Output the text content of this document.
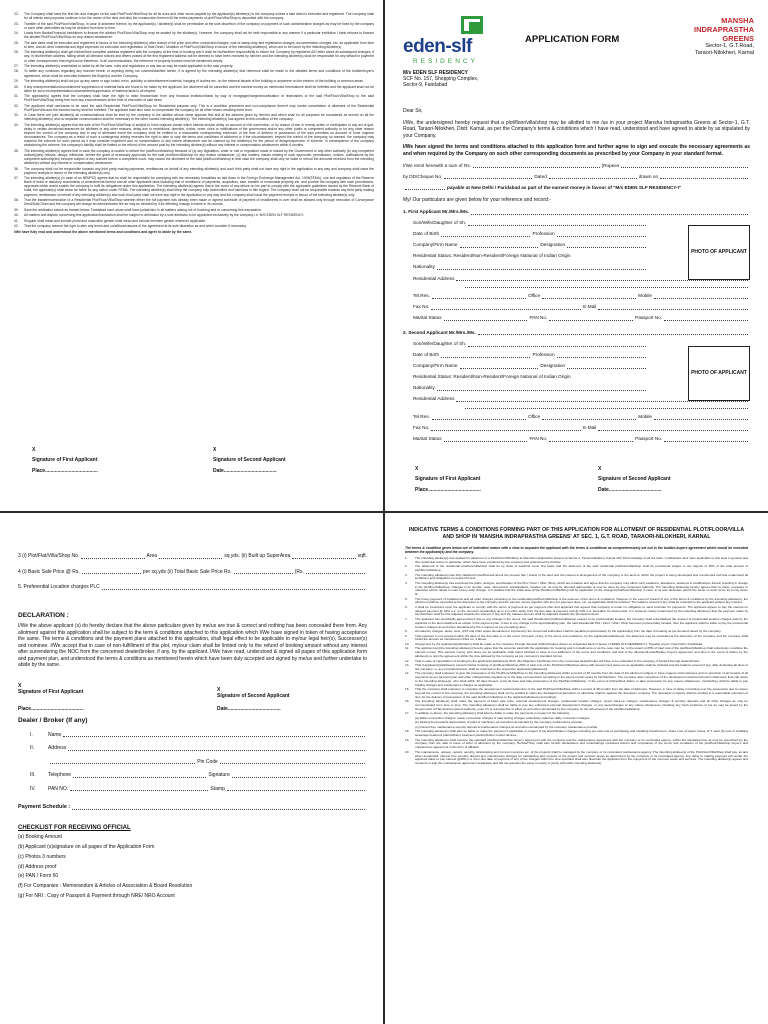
22.	The Company shall have the first lien and charges on the said Plot/Floor/Villa/Shop for all its dues and other sums payable by the applicant(s) allottee(s) to the company unless a sale deed is executed and registered. The company shall for all intents and purposes continue to be the owner of the land and also the construction thereon till the entire payments of plot/Floor/Villa/Shop is deposited with the company.
23.	Transfer of the said Plot/Floor/Villa/Shop, in case of allotment thereof, by the applicant(s) / allottee(s) shall be permissible at the sole discretion of the company on payment of such administrative charges as may be fixed by the company or such other authorities as may be decided from time to time.
24.	Loans from Banks/Financial Institutions to finance the allotted Plot/Floor/Villa/Shop may be availed by the allottee(s). However, the company shall not be held responsible in any manner if a particular institution / bank refuses to finance the allotted Plot/Floor/Villa/Shop for any reason whatsoever.
25.	The sale deed shall be executed and registered in favour of the intending allottee(s) after receipt of full price and other connected charges, cost of stamp duty and registration charges, documentation charges, etc. as applicable from time to time, and all other incidental and legal expenses for execution and registration of Sale Deed / Mutation of Plot/Floor/Villa/Shop in favour of the intending allottee(s), which are to be borne by the intending allottee(s).
26.	The intending allottee(s) shall get his/her/their complete address registered with the company at the time of booking and it shall be his/her/their responsibility to inform the Company by registered A/D letter about all subsequent changes, if any, in his/her/their address, failing which all demand notices and letters posted at the first registered address will be deemed to have been received by him/her and the intending allottee(s) shall be responsible for any default in payment or other consequences that might occur therefrom. In all communications, the reference of property booked must be mentioned clearly.
27.	The intending allottee(s) undertakes to abide by all the laws, rules and regulations or any law as may be made applicable to the said property.
28.	To settle any confusion regarding any manner herein or anything being not covered/clarified herein, it is agreed by the intending allottee(s) that reference shall be made to the detailed terms and conditions of the builder/buyer's agreement, which shall be executed between the Buyer(s) and the Company.
29.	The intending allottee(s) shall not put up any name or sign board, neon, publicity or advertisement material, hanging of clothes etc. on the external facade of the building or anywhere on the exterior of the building or common areas.
30.	If any misrepresentation/concealment/ suppression of material facts are found to be made by the applicant, the allotment will be cancelled and the earnest money as mentioned hereinabove shall be forfeited and the applicant shall not be liable for such misrepresentation/concealment/suppression of material facts in all respect.
31.	The applicant(s) agrees that the company shall have the right to raise finance/loan from any financial institution/bank by way of mortgage/charge/securitisation of receivables of the said Plot/Floor/Villa/Shop to the said Plot/Floor/Villa/Shop being free from any encumbrances at the time of execution of sale deed.
32.	The applicant shall use/cause to be used the said Residential Plot/Floor/Villa/Shop for Residential purpose only. This is a condition precedent and non-compliance thereof may invoke cancellation of allotment of the Residential Plot/Floor/Villa and the earnest money shall be forfeited. The applicant shall also have to compensate the company for all other losses resulting there from.
33.	In Case there are joint allottee(s) all communications shall be sent by the company to the allottee whose name appears first and at the address given by him/her and which shall for all purposes be considered as served on all the intending allottee(s) and no separate communication shall be necessary to the other named intending allottee(s). The intending allottee(s) has agreed to this condition of the company.
34.	The intending allottee(s) agrees that the sale of the Plot/Floor/Villa/Shop is subject to force majeure clause which intends include delay on account of civil commotion, or by reason of war or enemy action or earthquake or any act of god, delay in certain decisions/clearances for allottees or any other reasons, delay due to restrictions, direction, notice, order, rules or notifications of the government and/or any other public or competent authority or for any other reason beyond the control of the company and in any of aforesaid event the company shall be entitled to a reasonable corresponding extension of the time of delivery of possession of the said premises on account of force majeure circumstances. The company as a result of such a contingency arising reserves the right to alter or vary the terms and conditions of allotment or if the circumstances, beyond the control of the company, so warrant, the company may suspend the scheme for such period as it may consider expedient and no compensation of any nature whatsoever can be claimed by the allottee(s) for the period of delay/suspension of scheme. In consequence of the company abandoning the scheme, the company's liability shall be limited to the refund of the amount paid by the intending allottee(s) without any interest or compensation whatsoever within 6 months.
35.	The intending allottee(s) agrees that in case the company is unable to deliver the plot/floor/villa/shop because of (a) any legislation, order or rule or regulation made or issued by the Government or any other authority (b) any competent authority(ies) refuses, delays, withholds, denies the grant of necessary approvals for the said plot/floor/villa/shop for any reason whatsoever, (c) any matters, issues relating to such approvals, permissions, notices, notifications by the competent authority(ies) become subject of any suit/writ before a competent court, may cancel the allotment of the said plot/floor/villa/shop in that case the company shall only be liable to refund the amounts received from the intending allottee(s) without any interest or compensation whatsoever.
36.	The company shall not be responsible towards any third party making payments, remittances on behalf of any intending allottee(s) and such third party shall not have any right in the application in any way and company shall issue the payment receipts in favour of the intending allottee(s) only.
37.	The intending allottee(s) (in case of an NRI/PIO) agrees that he shall be responsible for complying with the necessary formalities as laid down in the Foreign Exchange Management Act, 1999(FEMA), rule and regulation of the Reserve Bank of India or statutory enactments or amendments thereof and all other applicable laws including that of remittance of payments, acquisition, sale, transfer of immovable property etc. and provide the company with such permissions, approvals which would enable the company to fulfil its obligations under this application. The intending allottee(s) agrees that in the event of any failure on his part to comply with the applicable guidelines issued by the Reserve Bank of India, the applicant(s) shall alone be liable for any action under FEMA. The intending allottee(s) shall keep the company fully indemnified and harmless in this regard. The company shall not be responsible towards any third party making payment, remittances on behalf of any intending allottee(s) and such third party shall not have any right in the application in any way and the company shall issue the payment receipts in favour of the intending allottee(s) only.
38.	That the transfer/nomination of a Residential Plot/Floor/Villa/Shop wherein either the full payment has already been made or agreed schedule of payment of installments is over shall be allowed only through execution of Conveyance Deed/Sale Deed and the company will charge an administrative fee as may be decided by it for effecting change in name in its records.
39.	Save the arbitration clause as framed below: Faridabad court alone shall have jurisdiction in all matters arising out of touching and or concerning this transaction.
40.	All matters and dispute concerning this application/transaction shall be subject to arbitration by a sole arbitrator to be appointed exclusively by the company i.e. M/S EDEN SLF RESIDENCY.
41.	Singular shall mean and include plural and masculine gender shall mean and include feminine gender wherever applicable.
42.	That the company reserve the right to alter any terms and conditions/clauses of the agreement at its sole discretion as and when consider it necessary.
I/We have fully read and understood the above mentioned terms and conditions and agree to abide by the same.
X
Signature of First Applicant
Place......................................
X
Signature of Second Applicant
Date......................................
eden-slf
RESIDENCY
APPLICATION FORM
MANSHA INDRAPRASTHA GREENS
Sector-1, G.T.Road,
Taraori-Nilokheri, Karnal
M/s EDEN SLF RESIDENCY
SCF No. 157, Shopping Complex,
Sector-9, Faridabad

Dear Sir,

I/We, the undersigned hereby request that a plot/floor/villa/shop may be allotted to me /us in your project Mansha Indraprastha Greens at Sector-1, G.T. Road, Taraori-Nilokheri, Distt. Karnal, as per the Company's terms & conditions which I have read, understood and have agreed to abide by as stipulated by your Company.

I/We have signed the terms and conditions attached to this application form and further agree to sign and execute the necessary agreements as and when required by the Company on such other corresponding documents as prescribed by your Company in your standard format.

I/We remit herewith a sum of Rs.	(Rupees
by DD/Cheque No.	Dated	drawn on
payable at New Delhi / Faridabad as part of the earnest money in favour of "M/s EDEN SLF RESIDENCY-I"

My/ Our particulars are given below for your reference and record:-

1. First Applicant Mr./Mrs./Ms.
PHOTO OF APPLICANT
Son/Wife/Daughter of Sh.
Date of Birth	Profession
Company/Firm Name	Designation
Residential Status: Resident/Non-Resident/Foreign National of Indian Origin
Nationality
Residential Address
Tel.Res.	Office	Mobile
Fax No.	E-Mail
Marital Status	PAN No.	Passport No.
2. Second Applicant Mr./Mrs./Ms.
PHOTO OF APPLICANT
Son/Wife/Daughter of Sh.
Date of Birth	Profession
Company/Firm Name	Designation
Residential Status: Resident/Non-Resident/Foreign National of Indian Origin
Nationality
Residential Address
Tel.Res.	Office	Mobile
Fax No.	E-Mail
Marital Status	PAN No.	Passport No.
X
Signature of First Applicant
Place......................................
X
Signature of Second Applicant
Date......................................
3 (i) Plot/Flat/Villa/Shop No.	Area	sq.yds.
(ii) Built up SuperArea	sqft.
4 (i) Basic Sale Price @ Rs.	per sq.yds
(ii) Total Basic Sale Price Rs.	(Rs.
5. Preferential Location charges PLC
DECLARATION :
I/We the above applicant (s) do hereby declare that the above particulars given by me/us are true & correct and nothing has been concealed there from. Any allotment against this application shall be subject to the term & conditions attached to this application which I/We have signed in token of having acceptance the same. The terms & conditions and the payment plans attached to this application, shall legal effect to be applicable to my/our legal heir(s), Successor(s) and nominee. I/We accept that in case of non-fulfillment of this plot, my/our claim shall be limited only to the refund of booking amount without any interest after surrendering the NOC from the concerned dealer/broker, if any, by the applicant. I/We have read, understood & signed all pages of this application form and payment plan, and understood the terms & conditions as mentioned herein which have been duly accepted and signed by me/us and further undertake to abide by the same.
X
Signature of First Applicant
Place......................................
X
Signature of Second Applicant
Date......................................
Dealer / Broker (If any)
I.	Name
II.	Address
Pin Code
III.	Telephone	Signature
IV.	PAN NO.	Stamp
Payment Schedule :
CHECKLIST FOR RECEIVING OFFICIAL
(a) Booking Amount
(b) Applicant (s)signature on all pages of the Application Form
(c) Photos 3 numbers
(d) Address proof
(e) PAN / Form 60
(f) For Companies : Memorandum & Articles of Association & Board Resolution
(g) For NRI : Copy of Passport & Payment through NRE/ NRO Account
INDICATIVE TERMS & CONDITIONS FORMING PART OF THIS APPLICATION FOR ALLOTMENT OF RESIDENTIAL PLOT/FLOOR/VILLA AND SHOP IN 'MANSHA INDRAPRASTHA GREENS' AT SEC. 1, G.T. ROAD, TARAORI-NILOKHERI, KARNAL
The terms & condition given below are of indicative nature with a view to acquaint the applicant with the terms & conditions as comprehensively set out in the builder-buyers agreement which would be executed between the applicant(s) and the company.
1.	The intending allottee(s) has applied for allotment of a Plot/Floor/Villa/Shop at Mansha Indraprastha Greens at Sector-1, Taraori-Nilokheri, Karnal with full knowledge of all the laws / notifications and rules applicable to this area in general and this residential colony in particular, which have been explained by the company and understood by him/her.
2.	The allotment of the residential plot/floor/villa/shop shall be by draw of lots/First come first basis and the allotment of the said residential plot/floor/villa/shop shall be provisional subject to the deposit of 25% of the total amount of plot/floor/villa/shop.
3.	The intending allottee(s) has fully satisfied himself/herself about the present title / status of the land and the interest & arrangement of the company in the land on which the project is being developed and constructed and has understood all limitations and obligations in respect thereof.
4.	The intending allottee(s) has examined the plans, designs, specification of the Plot / Floor / Villa / Shop, which are tentative and agree that the company may effect such variations, alterations, deletions & modifications therein resulting in change in the plot/floor/villa/shop, changes in its number, area, dimensions, specifications, location etc. as may be deemed appropriate or may be done by any competent Authority. The intending allottee(s) hereby agrees that no claim, monetary or otherwise will be raised in case of any such change. It is clarified that the initial area of the Plot/Floor/Villa/Shop will be applicable on the changed plot/floor/villa/shop in case, in its sole discretion permit the same on such terms as it may deem fit.
5.	The timely payment of installments and all other charges pertaining to the residential plot/floor/villa/shop is the essence of the terms & conditions. However in the event of breach of any of the terms & conditions by the intending allottee(s), the allotment shall be cancelled at the discretion of the company and the earnest money together with any pre-payment dues, etc. as applicable shall be forfeited. The balance amount if any shall be refunded to the applicant without any interest.
6.	It shall be incumbent upon the applicant to comply with the terms of payment as per payment plan and applicant has agreed that company is under no obligation to send reminder for payments. The applicant agrees to pay the interest on delayed payment @ 18% p.a. on the amounts outstanding up to 2 months delay from the due date of payment and @ 24% p.a. thereafter for total period. It is however clearly understood by the intending allottee(s) that the payment made by him/her/them shall be first adjusted towards the interest, if any and the balance amount shall be adjusted towards the principal amount.
7.	The applicant has specifically agreed that if due to any change in the layout, the said Residential plot/floor/villa/shop ceases to be preferentially located, the company shall refund/adjust the amount of preferential location charges paid by the applicant in the last installment as shown in the payment plan. If due to any change in the layout/building plan, the said Residential Plot / Floor / Villa / Shop becomes preferentially located, then the applicant shall be liable to pay the preferential location charges as and when demanded by the company as per prevailing rates.
8.	All statutory charges, taxes, cess, GST and other levies demanded or imposed by the concerned authorities shall be payable proportionately by the applicant(s) from the date of booking as per demand raised by the company.
9.	That payment is not received within 60 days of the due date or in the event of breach of any of the terms and conditions, by the applicant(s)/allottee(s), the allotment may be cancelled at the discretion of the company and the company shall forfeit the amount as mentioned in Para no. 4 above.
10.	All payment by the applicant(s)/allottee(s) shall be made to the company through demand drafts/cheques drawn on scheduled bank in favour of EDEN SLF RESIDENCY-I. Payable at par / New Delhi / Faridabad.
11.	The applicant and the intending allottee(s) hereby agree that the amounts paid with the application for booking and in installments or as the case may be, to the extent of 25% of total cost of the plot/floor/villa/shop shall collectively constitute the earnest money. This earnest money plus taxes etc as applicable shall stand forfeited in case of non-fulfillment of the terms and conditions and that of the allotment/Letter/Builder buyer's agreement and also in the event of failure by the allottee(s) to sign the agreement within the time allowed by the company as per company's standard format.
12.	That in case of cancellation of booking by the applicant(s)/allottee(s) NOC (No Objection Certificate) from the concerned dealer/broker will have to be submitted to the company, if booked through dealer/broker.
13.	That if applicant(s)/allottee(s) cancels his/her booking of plot/floor/villa/shop 25% of total cost of the Plot/Floor/Villa/shop along with Government taxes etc as applicable shall be forfeited and the balance amount if any, after deducting all dues of the company i.e. any principle/interest, shall be refunded to the respective applicant(s)/allottee(s).
14.	The company shall endeavor to give the possession of the Plot/Floor/Villa/Shop to the intending allottee(s) within a period of 48 months from the date of the allotment subject to force majeure circumstances and on provision of all receipts of all payments as per payment plan and other charges/dues payable up to the date of possession according to the payment plan opted by him/her/them. The company after completion of the development work/construction shall issue final call notice to the intending allottee(s), who shall within 30 days thereof, remit all dues and take possession of the Plot/Floor/Villa/shop. In the event of his/her/their failure to take possession for any reason whatsoever, he/she/they shall be liable to pay holding charges and maintenance charges as applicable.
15.	That the company shall endeavor to complete the development work/construction of the said Plot/Floor/Villa/Shop within a period of 48 months from the date of allotment. However, in case of delay in handing over the possession due to reason beyond the control of the company, the intending allottee(s) shall not be entitled to claim any damages/compensation or otherwise shall be against the developer company. The developer company shall be entitled to a reasonable extension of time for the delivery of possession of the said plot/floor/villa/shop to the applicant/allottee(s) accordingly.
16.	The intending allottee(s) shall make the payment of basic sale price, external development charges, preferential location charges, power back-up charges, maintenance charges & security deposits and all other charges as may be communicated from time to time. The intending allottee(s) shall be liable to pay any enhanced external development charges, or any taxes/charges of any nature whatsoever including any fresh incidence of tax as may be levied by the Government of Haryana/competent authority, even if it is retrospective in effect as and when demanded by the company on the actual area of the plot/floor/villa/shop.
17.	In addition to above, the intending allottee(s) shall also be liable to make the payments in respect of the following:
(a) Water connection charges, sewer connection charges & road cutting charges collectively called as utility connection charges.
(b) Sinking fund towards depreciation of plant & machinery as and when demanded by the company maintenance provider.
(c) Interest free maintenance security deposit & maintenance charges as and when demanded by the company maintenance provider.
18.	The intending allottee(s) shall also be liable to make the payment if applicable in respect of (a) Electrification charges including pro-rata cost of purchasing and installing transformers, share cost of power house, E.T. laws (b) cost of installing sewerage treatment plant/effluent treatment plant/pollution control devices.
19.	The intending allottee(s) shall execute the standard plot/floor/villa/shop buyer's agreement with the company and the maintenance agreement with the company or its nominated agency, within the stipulated time as may be prescribed by the company from the date of issue of letter of allotment by the company. He/She/They shall also furnish declarations and undertakings contained therein and compliance of the terms and conditions of the plot/floor/villa/shop buyer's and maintenance agreement in the form of affidavit.
20.	The maintenance, upkeep, repairs, security, landscaping and common services etc. of the projects shall be managed by the company or its nominated maintenance agency. The intending allottee(s) of the Plot/Floor/Villa/Shop shall pay, as and when demanded, interest free security deposit and maintenance charges for maintaining and up-keep of the project and services areas as determined by the company or its nominated agency. Any delay in making payment will render the applicant liable to pay interest @18% p.a. from due date of payment of any of the charges within the time specified shall also disentitle the applicant from the enjoyment of the common areas and services. The intending allottee(s) agrees and consents to sign the maintenance agreement separately and will not question the same in equity or jointly with other intending allottee(s).
